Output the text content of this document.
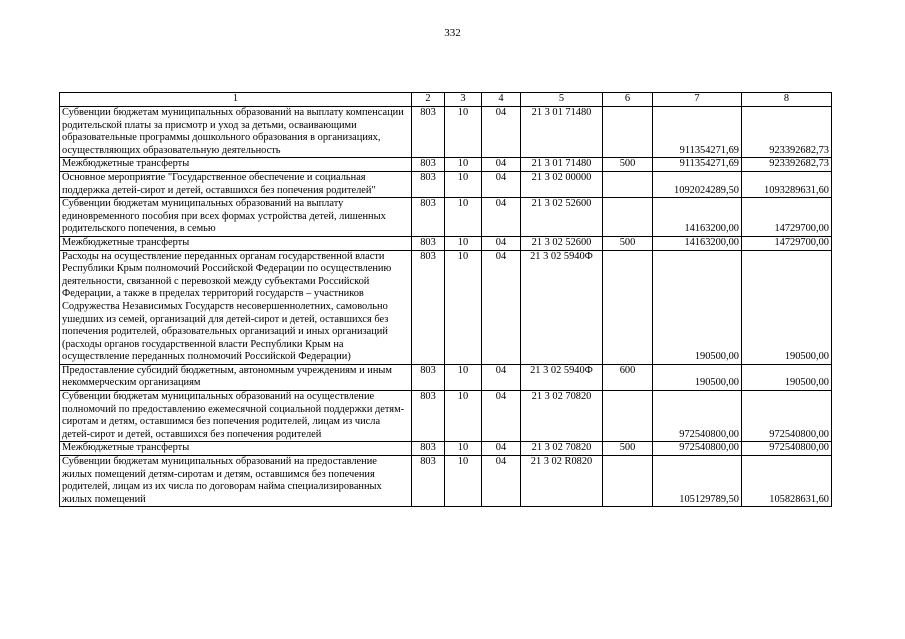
332
1	2	3	4	5	6	7	8
Субвенции бюджетам муниципальных образований на выплату компенсации родительской платы за присмотр и уход за детьми, осваивающими образовательные программы дошкольного образования в организациях, осуществляющих образовательную деятельность	803	10	04	21 3 01 71480		911354271,69	923392682,73
Межбюджетные трансферты	803	10	04	21 3 01 71480	500	911354271,69	923392682,73
Основное мероприятие "Государственное обеспечение и социальная поддержка детей-сирот и детей, оставшихся без попечения родителей"	803	10	04	21 3 02 00000		1092024289,50	1093289631,60
Субвенции бюджетам муниципальных образований на выплату единовременного пособия при всех формах устройства детей, лишенных родительского попечения, в семью	803	10	04	21 3 02 52600		14163200,00	14729700,00
Межбюджетные трансферты	803	10	04	21 3 02 52600	500	14163200,00	14729700,00
Расходы на осуществление переданных органам государственной власти Республики Крым полномочий Российской Федерации по осуществлению деятельности, связанной с перевозкой между субъектами Российской Федерации, а также в пределах территорий государств – участников Содружества Независимых Государств несовершеннолетних, самовольно ушедших из семей, организаций для детей-сирот и детей, оставшихся без попечения родителей, образовательных организаций и иных организаций (расходы органов государственной власти Республики Крым на осуществление переданных полномочий Российской Федерации)	803	10	04	21 3 02 5940Ф		190500,00	190500,00
Предоставление субсидий бюджетным, автономным учреждениям и иным некоммерческим организациям	803	10	04	21 3 02 5940Ф	600	190500,00	190500,00
Субвенции бюджетам муниципальных образований на осуществление полномочий по предоставлению ежемесячной социальной поддержки детям-сиротам и детям, оставшимся без попечения родителей, лицам из числа детей-сирот и детей, оставшихся без попечения родителей	803	10	04	21 3 02 70820		972540800,00	972540800,00
Межбюджетные трансферты	803	10	04	21 3 02 70820	500	972540800,00	972540800,00
Субвенции бюджетам муниципальных образований на предоставление жилых помещений детям-сиротам и детям, оставшимся без попечения родителей, лицам из их числа по договорам найма специализированных жилых помещений	803	10	04	21 3 02 R0820		105129789,50	105828631,60
